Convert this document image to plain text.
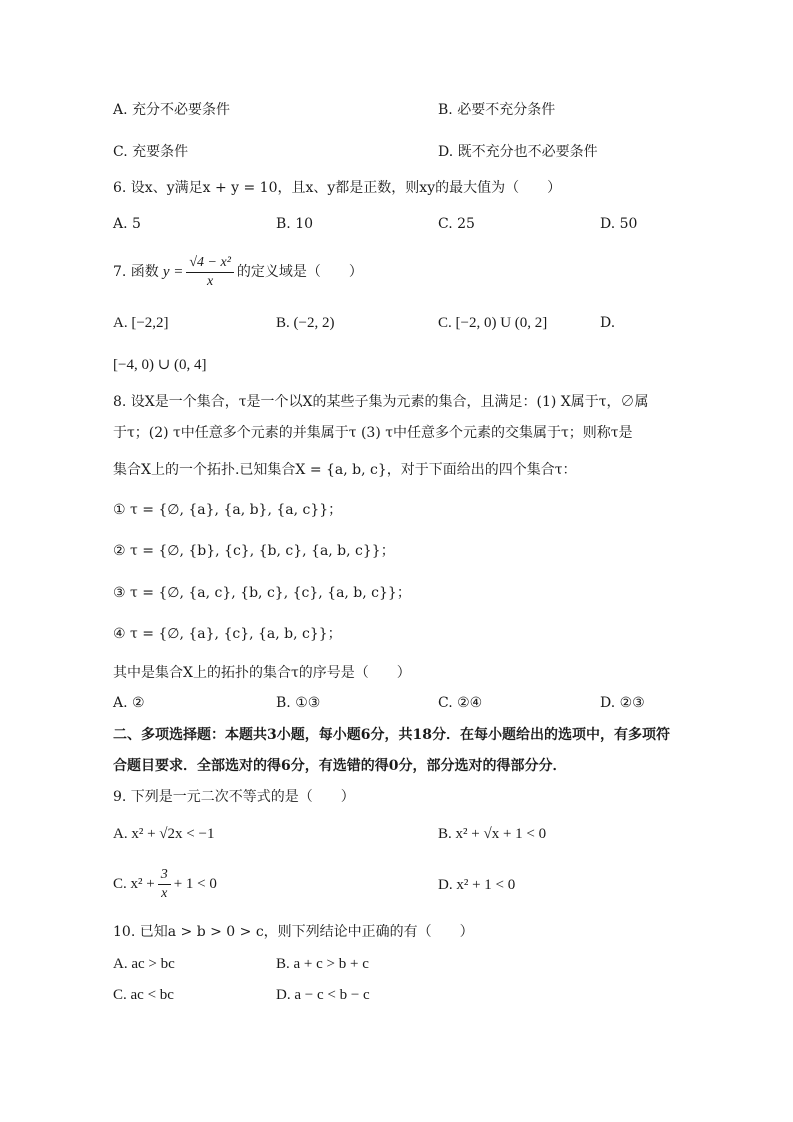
A. 充分不必要条件	B. 必要不充分条件
C. 充要条件	D. 既不充分也不必要条件
6. 设x、y满足x + y = 10，且x、y都是正数，则xy的最大值为（　　）
A. 5	B. 10	C. 25	D. 50
7. 函数 $y = \frac{\text{√4 − x²}}{x}$ 的定义域是（　　）
A. [−2,2]	B. (−2, 2)	C. [−2, 0) U (0, 2]	D.
[−4, 0) ∪ (0, 4]
8. 设X是一个集合，τ是一个以X的某些子集为元素的集合，且满足：(1) X属于τ，∅属
于τ；(2) τ中任意多个元素的并集属于τ (3) τ中任意多个元素的交集属于τ；则称τ是
集合X上的一个拓扑.已知集合X = {a, b, c}，对于下面给出的四个集合τ：
① τ = {∅, {a}, {a, b}, {a, c}}；
② τ = {∅, {b}, {c}, {b, c}, {a, b, c}}；
③ τ = {∅, {a, c}, {b, c}, {c}, {a, b, c}}；
④ τ = {∅, {a}, {c}, {a, b, c}}；
其中是集合X上的拓扑的集合τ的序号是（　　）
A. ②	B. ①③	C. ②④	D. ②③
二、多项选择题：本题共3小题，每小题6分，共18分．在每小题给出的选项中，有多项符
合题目要求．全部选对的得6分，有选错的得0分，部分选对的得部分分．
9. 下列是一元二次不等式的是（　　）
A. x² + √2x < −1	B. x² + √x + 1 < 0
C. $x^2 + \frac{3}{x} + 1 < 0$	D. x² + 1 < 0
10. 已知a > b > 0 > c，则下列结论中正确的有（　　）
A. ac > bc	B. a + c > b + c
C. ac < bc	D. a − c < b − c
